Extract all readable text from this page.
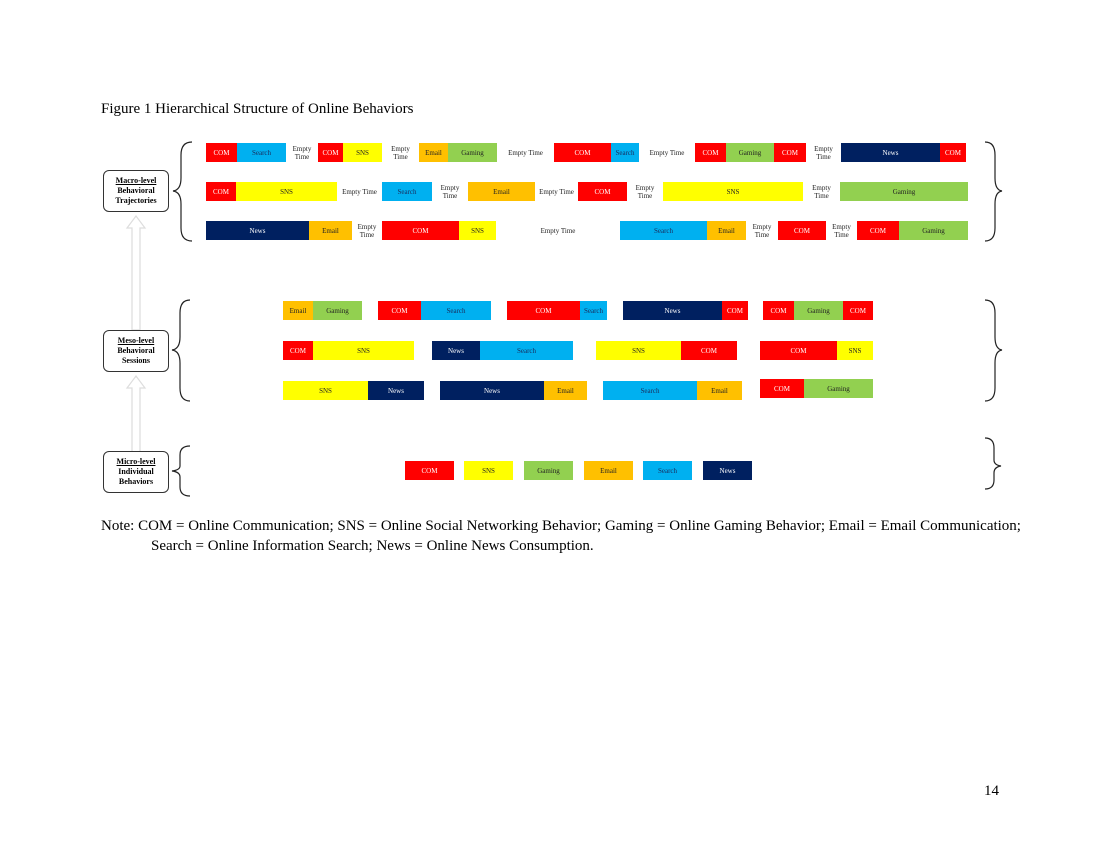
Figure 1 Hierarchical Structure of Online Behaviors
Macro-level
Behavioral
Trajectories
Meso-level
Behavioral
Sessions
Micro-level
Individual
Behaviors
COM	Search	Empty Time	COM	SNS	Empty Time	Email	Gaming	Empty Time	COM	Search	Empty Time	COM	Gaming	COM	Empty Time	News	COM
COM	SNS	Empty Time	Search	Empty Time	Email	Empty Time	COM	Empty Time	SNS	Empty Time	Gaming
News	Email	Empty Time	COM	SNS	Empty Time	Search	Email	Empty Time	COM	Empty Time	COM	Gaming
Email	Gaming	COM	Search	COM	Search	News	COM	COM	Gaming	COM
COM	SNS	News	Search	SNS	COM	COM	SNS
SNS	News	News	Email	Search	Email	COM	Gaming
COM	SNS	Gaming	Email	Search	News
Note: COM = Online Communication; SNS = Online Social Networking Behavior; Gaming = Online Gaming Behavior; Email = Email Communication; Search = Online Information Search; News = Online News Consumption.
14
